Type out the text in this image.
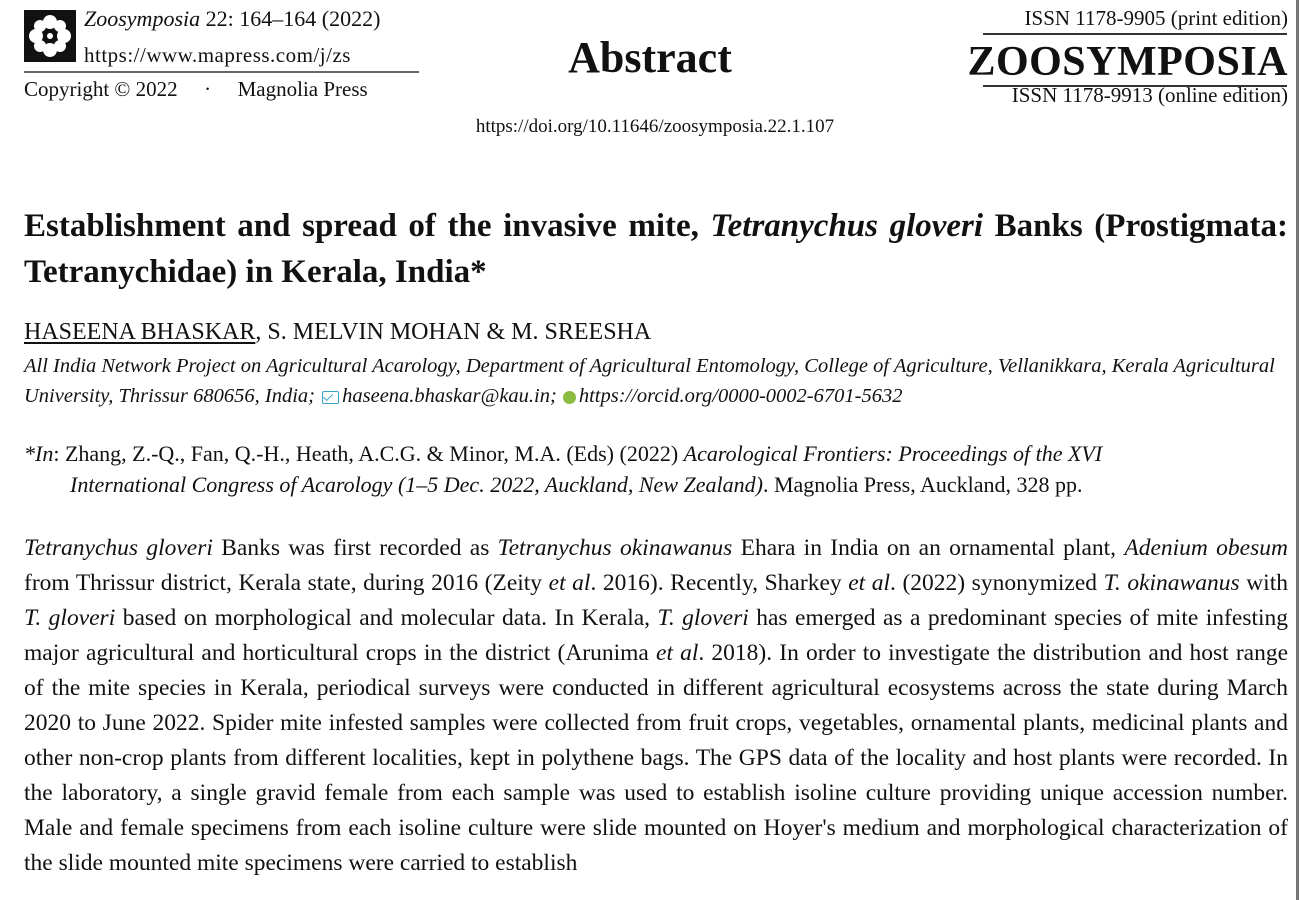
Zoosymposia 22: 164–164 (2022)
https://www.mapress.com/j/zs
Copyright © 2022 · Magnolia Press
Abstract
https://doi.org/10.11646/zoosymposia.22.1.107
ISSN 1178-9905 (print edition)
ZOOSYMPOSIA
ISSN 1178-9913 (online edition)
Establishment and spread of the invasive mite, Tetranychus gloveri Banks (Prostigmata: Tetranychidae) in Kerala, India*
HASEENA BHASKAR, S. MELVIN MOHAN & M. SREESHA
All India Network Project on Agricultural Acarology, Department of Agricultural Entomology, College of Agriculture, Vellanikkara, Kerala Agricultural University, Thrissur 680656, India; haseena.bhaskar@kau.in; https://orcid.org/0000-0002-6701-5632
*In: Zhang, Z.-Q., Fan, Q.-H., Heath, A.C.G. & Minor, M.A. (Eds) (2022) Acarological Frontiers: Proceedings of the XVI
International Congress of Acarology (1–5 Dec. 2022, Auckland, New Zealand). Magnolia Press, Auckland, 328 pp.
Tetranychus gloveri Banks was first recorded as Tetranychus okinawanus Ehara in India on an ornamental plant, Adenium obesum from Thrissur district, Kerala state, during 2016 (Zeity et al. 2016). Recently, Sharkey et al. (2022) synonymized T. okinawanus with T. gloveri based on morphological and molecular data. In Kerala, T. gloveri has emerged as a predominant species of mite infesting major agricultural and horticultural crops in the district (Arunima et al. 2018). In order to investigate the distribution and host range of the mite species in Kerala, periodical surveys were conducted in different agricultural ecosystems across the state during March 2020 to June 2022. Spider mite infested samples were collected from fruit crops, vegetables, ornamental plants, medicinal plants and other non-crop plants from different localities, kept in polythene bags. The GPS data of the locality and host plants were recorded. In the laboratory, a single gravid female from each sample was used to establish isoline culture providing unique accession number. Male and female specimens from each isoline culture were slide mounted on Hoyer's medium and morphological characterization of the slide mounted mite specimens were carried to establish
